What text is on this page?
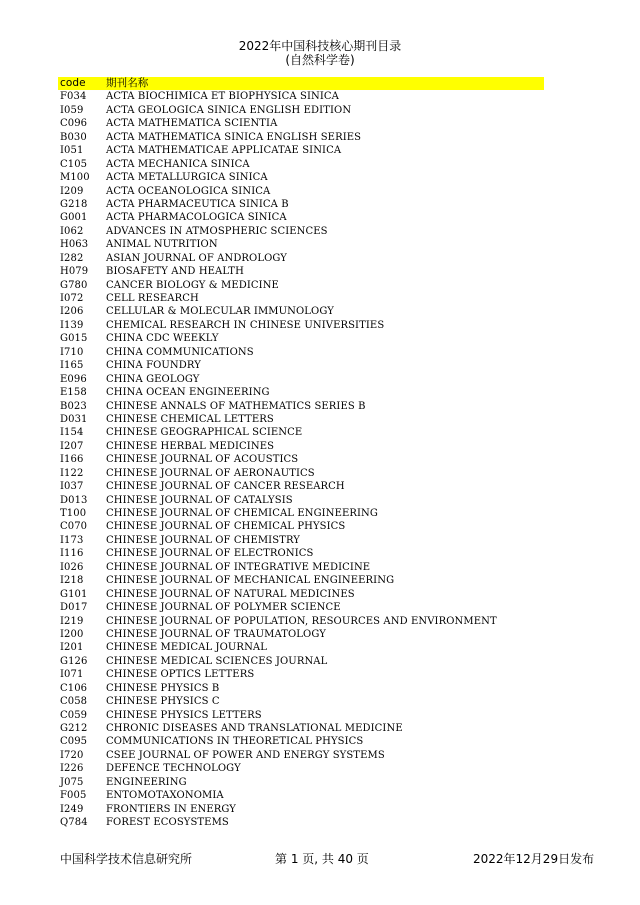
2022年中国科技核心期刊目录
(自然科学卷)
code 期刊名称
F034 ACTA BIOCHIMICA ET BIOPHYSICA SINICA
I059 ACTA GEOLOGICA SINICA ENGLISH EDITION
C096 ACTA MATHEMATICA SCIENTIA
B030 ACTA MATHEMATICA SINICA ENGLISH SERIES
I051 ACTA MATHEMATICAE APPLICATAE SINICA
C105 ACTA MECHANICA SINICA
M100 ACTA METALLURGICA SINICA
I209 ACTA OCEANOLOGICA SINICA
G218 ACTA PHARMACEUTICA SINICA B
G001 ACTA PHARMACOLOGICA SINICA
I062 ADVANCES IN ATMOSPHERIC SCIENCES
H063 ANIMAL NUTRITION
I282 ASIAN JOURNAL OF ANDROLOGY
H079 BIOSAFETY AND HEALTH
G780 CANCER BIOLOGY & MEDICINE
I072 CELL RESEARCH
I206 CELLULAR & MOLECULAR IMMUNOLOGY
I139 CHEMICAL RESEARCH IN CHINESE UNIVERSITIES
G015 CHINA CDC WEEKLY
I710 CHINA COMMUNICATIONS
I165 CHINA FOUNDRY
E096 CHINA GEOLOGY
E158 CHINA OCEAN ENGINEERING
B023 CHINESE ANNALS OF MATHEMATICS SERIES B
D031 CHINESE CHEMICAL LETTERS
I154 CHINESE GEOGRAPHICAL SCIENCE
I207 CHINESE HERBAL MEDICINES
I166 CHINESE JOURNAL OF ACOUSTICS
I122 CHINESE JOURNAL OF AERONAUTICS
I037 CHINESE JOURNAL OF CANCER RESEARCH
D013 CHINESE JOURNAL OF CATALYSIS
T100 CHINESE JOURNAL OF CHEMICAL ENGINEERING
C070 CHINESE JOURNAL OF CHEMICAL PHYSICS
I173 CHINESE JOURNAL OF CHEMISTRY
I116 CHINESE JOURNAL OF ELECTRONICS
I026 CHINESE JOURNAL OF INTEGRATIVE MEDICINE
I218 CHINESE JOURNAL OF MECHANICAL ENGINEERING
G101 CHINESE JOURNAL OF NATURAL MEDICINES
D017 CHINESE JOURNAL OF POLYMER SCIENCE
I219 CHINESE JOURNAL OF POPULATION, RESOURCES AND ENVIRONMENT
I200 CHINESE JOURNAL OF TRAUMATOLOGY
I201 CHINESE MEDICAL JOURNAL
G126 CHINESE MEDICAL SCIENCES JOURNAL
I071 CHINESE OPTICS LETTERS
C106 CHINESE PHYSICS B
C058 CHINESE PHYSICS C
C059 CHINESE PHYSICS LETTERS
G212 CHRONIC DISEASES AND TRANSLATIONAL MEDICINE
C095 COMMUNICATIONS IN THEORETICAL PHYSICS
I720 CSEE JOURNAL OF POWER AND ENERGY SYSTEMS
I226 DEFENCE TECHNOLOGY
J075 ENGINEERING
F005 ENTOMOTAXONOMIA
I249 FRONTIERS IN ENERGY
Q784 FOREST ECOSYSTEMS
中国科学技术信息研究所	第 1 页, 共 40 页	2022年12月29日发布
